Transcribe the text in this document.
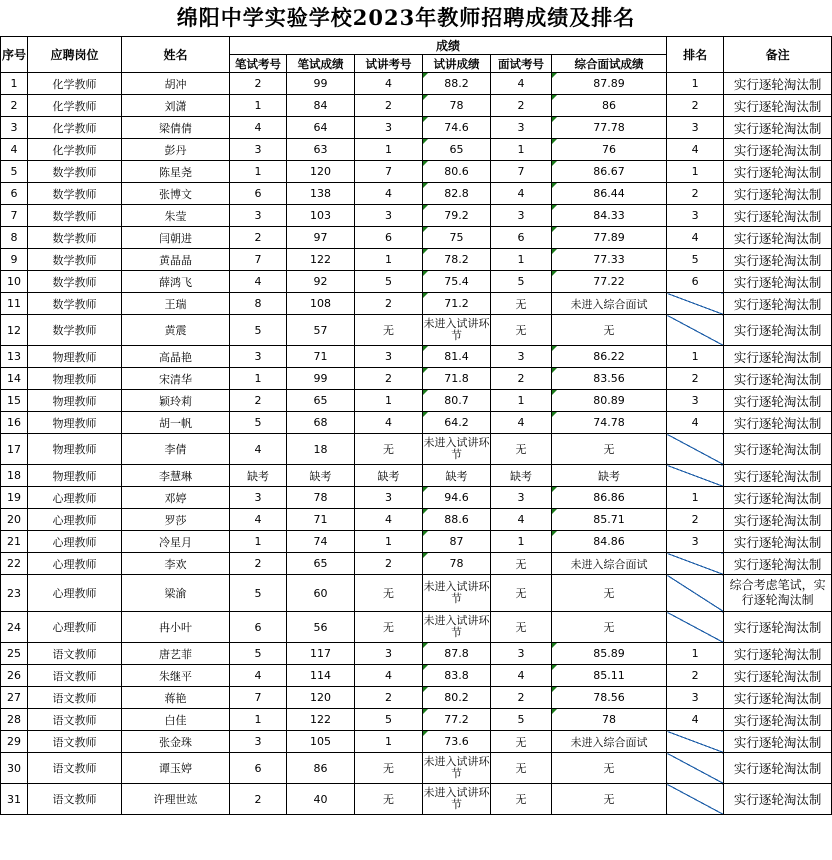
绵阳中学实验学校2023年教师招聘成绩及排名
序号	应聘岗位	姓名	成绩						排名	备注
			笔试考号	笔试成绩	试讲考号	试讲成绩	面试考号	综合面试成绩		
1	化学教师	胡冲	2	99	4	88.2	4	87.89	1	实行逐轮淘汰制
2	化学教师	刘潇	1	84	2	78	2	86	2	实行逐轮淘汰制
3	化学教师	梁倩倩	4	64	3	74.6	3	77.78	3	实行逐轮淘汰制
4	化学教师	彭丹	3	63	1	65	1	76	4	实行逐轮淘汰制
5	数学教师	陈星尧	1	120	7	80.6	7	86.67	1	实行逐轮淘汰制
6	数学教师	张博文	6	138	4	82.8	4	86.44	2	实行逐轮淘汰制
7	数学教师	朱莹	3	103	3	79.2	3	84.33	3	实行逐轮淘汰制
8	数学教师	闫朝进	2	97	6	75	6	77.89	4	实行逐轮淘汰制
9	数学教师	黄晶晶	7	122	1	78.2	1	77.33	5	实行逐轮淘汰制
10	数学教师	薛鸿飞	4	92	5	75.4	5	77.22	6	实行逐轮淘汰制
11	数学教师	王瑞	8	108	2	71.2	无	未进入综合面试		实行逐轮淘汰制
12	数学教师	黄震	5	57	无	未进入试讲环节	无	无		实行逐轮淘汰制
13	物理教师	高晶艳	3	71	3	81.4	3	86.22	1	实行逐轮淘汰制
14	物理教师	宋清华	1	99	2	71.8	2	83.56	2	实行逐轮淘汰制
15	物理教师	颖玲莉	2	65	1	80.7	1	80.89	3	实行逐轮淘汰制
16	物理教师	胡一帆	5	68	4	64.2	4	74.78	4	实行逐轮淘汰制
17	物理教师	李倩	4	18	无	未进入试讲环节	无	无		实行逐轮淘汰制
18	物理教师	李慧琳	缺考	缺考	缺考	缺考	缺考	缺考		实行逐轮淘汰制
19	心理教师	邓婷	3	78	3	94.6	3	86.86	1	实行逐轮淘汰制
20	心理教师	罗莎	4	71	4	88.6	4	85.71	2	实行逐轮淘汰制
21	心理教师	冷星月	1	74	1	87	1	84.86	3	实行逐轮淘汰制
22	心理教师	李欢	2	65	2	78	无	未进入综合面试		实行逐轮淘汰制
23	心理教师	梁渝	5	60	无	未进入试讲环节	无	无		综合考虑笔试，实行逐轮淘汰制
24	心理教师	冉小叶	6	56	无	未进入试讲环节	无	无		实行逐轮淘汰制
25	语文教师	唐艺菲	5	117	3	87.8	3	85.89	1	实行逐轮淘汰制
26	语文教师	朱继平	4	114	4	83.8	4	85.11	2	实行逐轮淘汰制
27	语文教师	蒋艳	7	120	2	80.2	2	78.56	3	实行逐轮淘汰制
28	语文教师	白佳	1	122	5	77.2	5	78	4	实行逐轮淘汰制
29	语文教师	张金珠	3	105	1	73.6	无	未进入综合面试		实行逐轮淘汰制
30	语文教师	谭玉婷	6	86	无	未进入试讲环节	无	无		实行逐轮淘汰制
31	语文教师	许理世竑	2	40	无	未进入试讲环节	无	无		实行逐轮淘汰制
